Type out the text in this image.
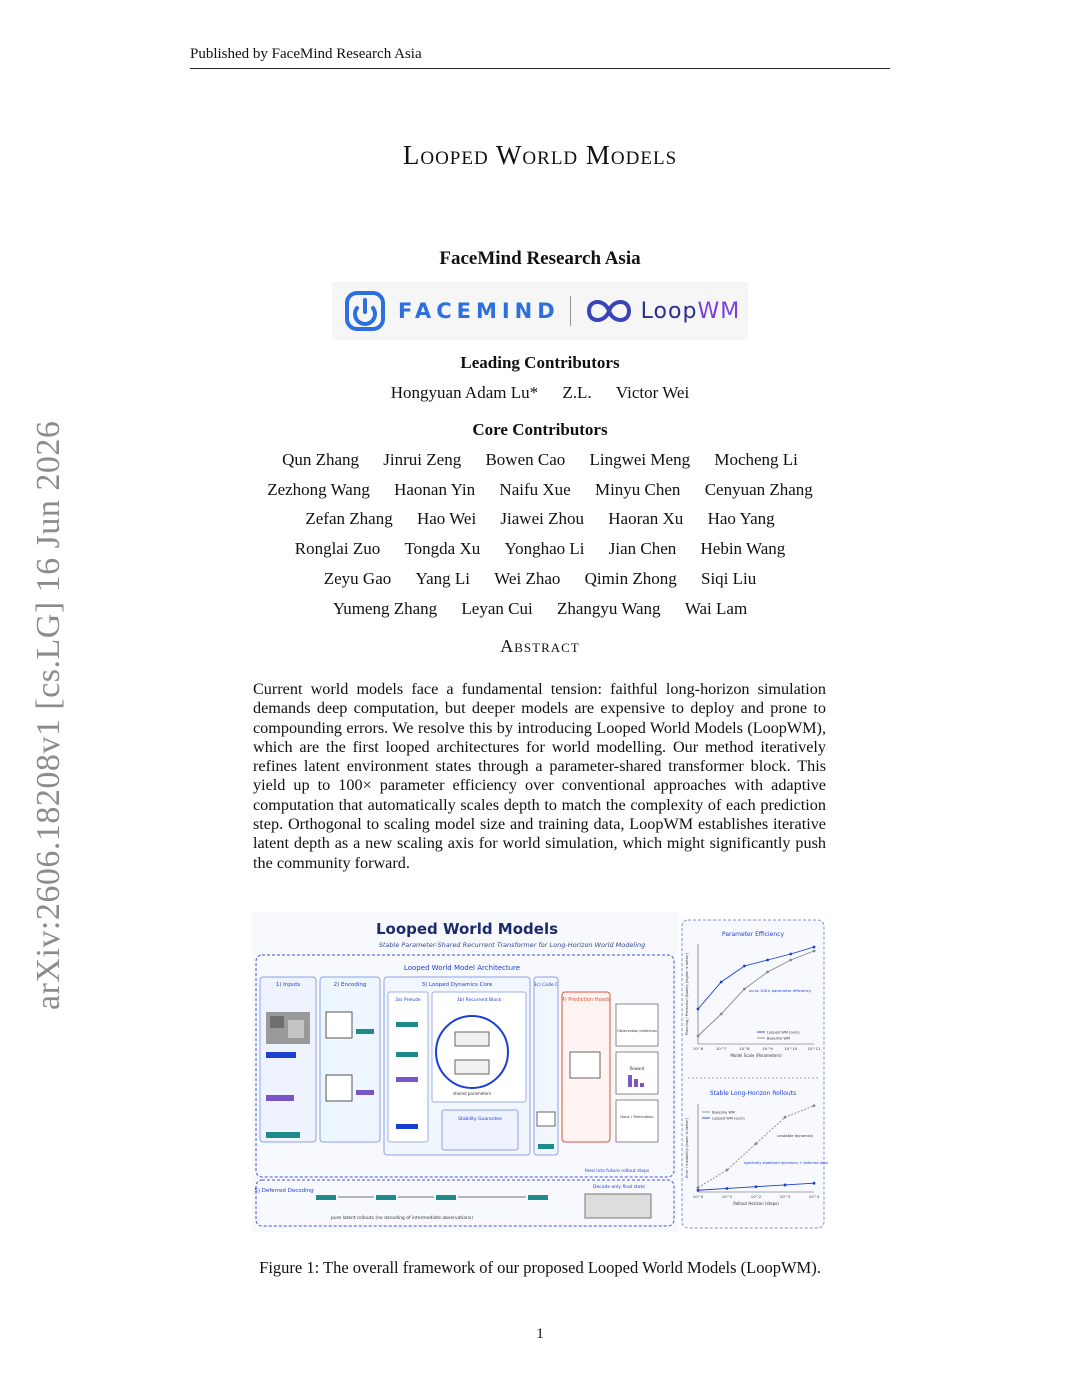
Published by FaceMind Research Asia
arXiv:2606.18208v1 [cs.LG] 16 Jun 2026
Looped World Models
FaceMind Research Asia
FACEMIND	LoopWM
Leading Contributors
Hongyuan Adam Lu* Z.L. Victor Wei
Core Contributors
Qun Zhang Jinrui Zeng Bowen Cao Lingwei Meng Mocheng Li
Zezhong Wang Haonan Yin Naifu Xue Minyu Chen Cenyuan Zhang
Zefan Zhang Hao Wei Jiawei Zhou Haoran Xu Hao Yang
Ronglai Zuo Tongda Xu Yonghao Li Jian Chen Hebin Wang
Zeyu Gao Yang Li Wei Zhao Qimin Zhong Siqi Liu
Yumeng Zhang Leyan Cui Zhangyu Wang Wai Lam
Abstract
Current world models face a fundamental tension: faithful long-horizon simulation demands deep computation, but deeper models are expensive to deploy and prone to compounding errors. We resolve this by introducing Looped World Models (LoopWM), which are the first looped architectures for world modelling. Our method iteratively refines latent environment states through a parameter-shared transformer block. This yield up to 100× parameter efficiency over conventional approaches with adaptive computation that automatically scales depth to match the complexity of each prediction step. Orthogonal to scaling model size and training data, LoopWM establishes iterative latent depth as a new scaling axis for world simulation, which might significantly push the community forward.
Looped World Models
Stable Parameter-Shared Recurrent Transformer for Long-Horizon World Modeling
Looped World Model Architecture
1) Inputs	2) Encoding	3) Looped Dynamics Core
3a) Prelude	3b) Recurrent Block
shared parameters
Stability Guarantee
3c) Code C
4) Prediction Heads
Observation prediction
Reward
Done / Termination
feed into future rollout steps
5) Deferred Decoding
pure latent rollouts (no decoding of intermediate observations)
Decode only final state
Parameter Efficiency
10^6	10^7	10^8	10^9	10^10	10^11
Model Scale (Parameters)
Planning / Prediction Quality (higher is better)	Looped WM (ours)
Baseline WM
up to 100× parameter efficiency
Stable Long-Horizon Rollouts
10^0	10^1	10^2	10^3	10^4
Rollout Horizon (steps)
Error / Instability (lower is better)
Baseline WM
Looped WM (ours)
unstable dynamics
spectrally stabilized dynamics + deferred decoding
Figure 1: The overall framework of our proposed Looped World Models (LoopWM).
1
